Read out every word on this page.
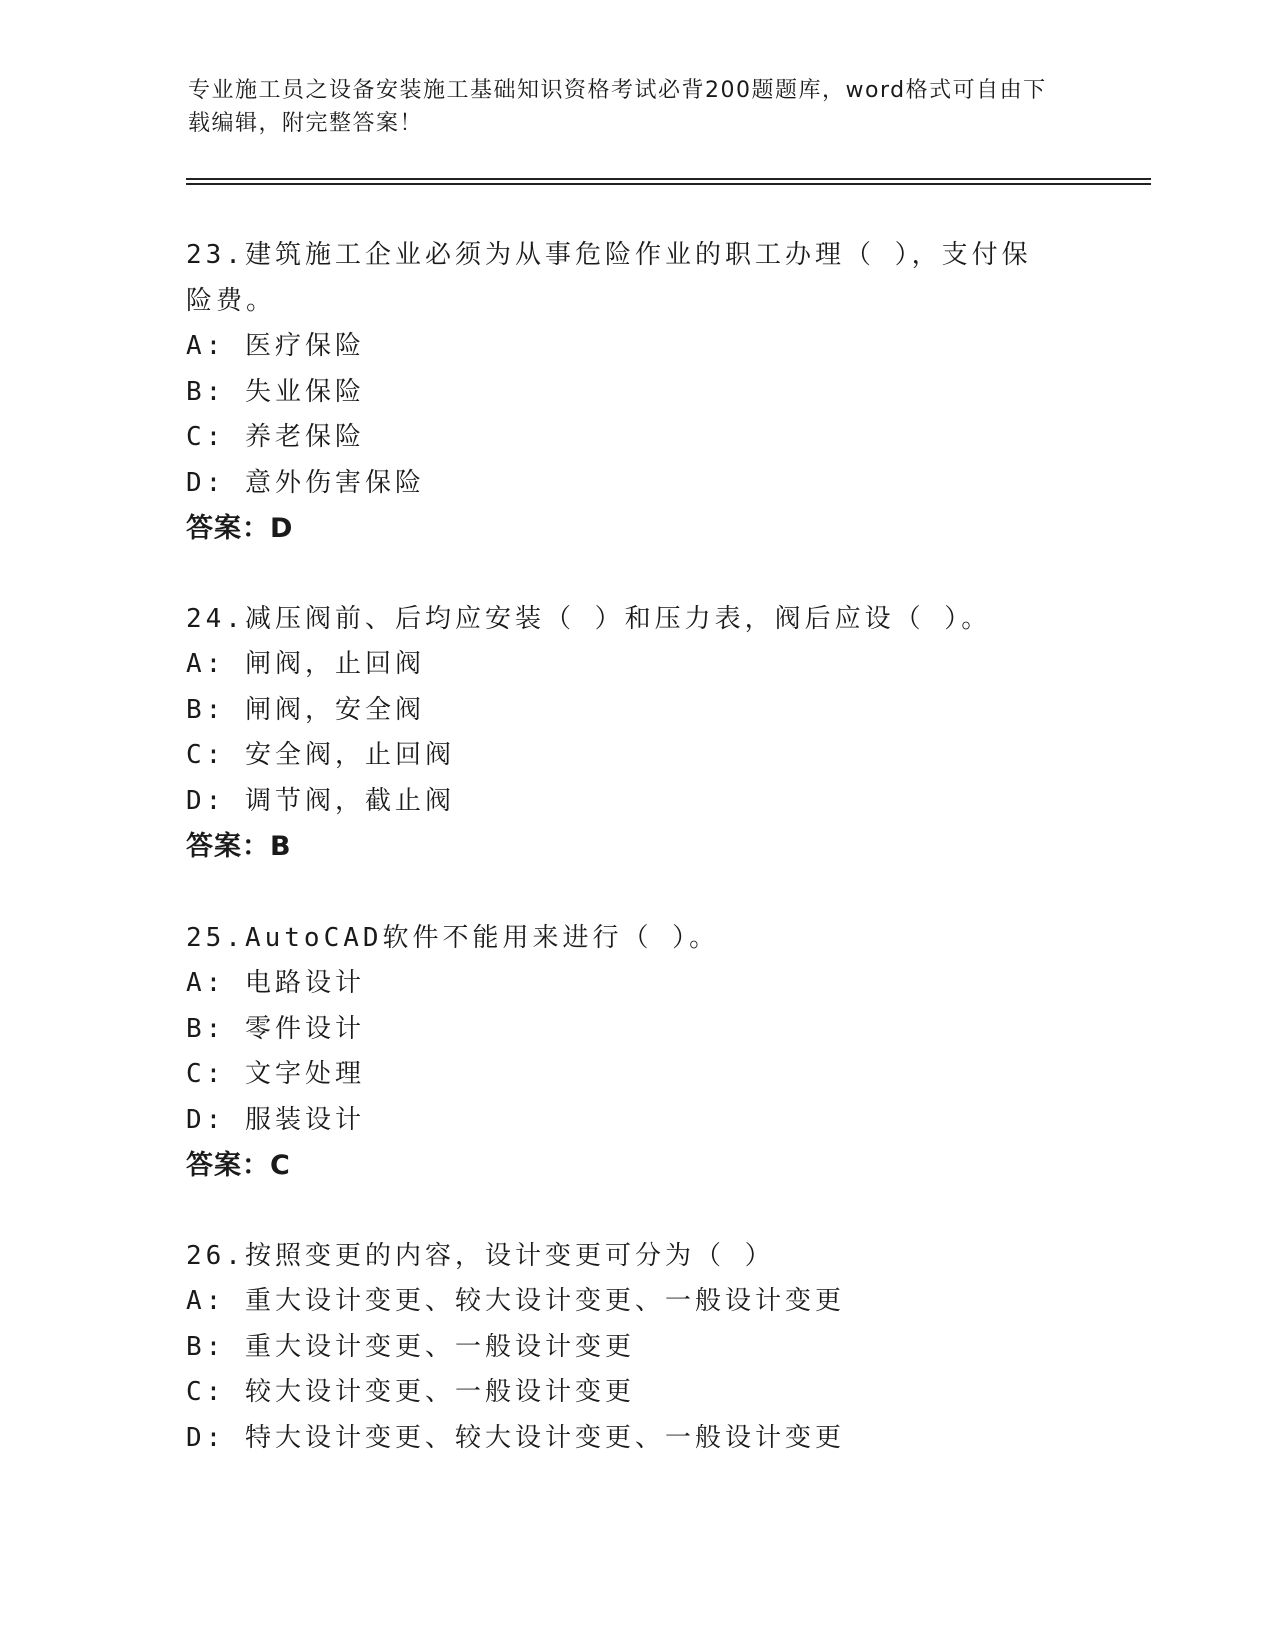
专业施工员之设备安装施工基础知识资格考试必背200题题库，word格式可自由下载编辑，附完整答案！

23.建筑施工企业必须为从事危险作业的职工办理（ ），支付保险费。

A: 医疗保险

B: 失业保险

C: 养老保险

D: 意外伤害保险

答案：D

24.减压阀前、后均应安装（ ）和压力表，阀后应设（ ）。

A: 闸阀，止回阀

B: 闸阀，安全阀

C: 安全阀，止回阀

D: 调节阀，截止阀

答案：B

25.AutoCAD软件不能用来进行（ ）。

A: 电路设计

B: 零件设计

C: 文字处理

D: 服装设计

答案：C

26.按照变更的内容，设计变更可分为（ ）

A: 重大设计变更、较大设计变更、一般设计变更

B: 重大设计变更、一般设计变更

C: 较大设计变更、一般设计变更

D: 特大设计变更、较大设计变更、一般设计变更
